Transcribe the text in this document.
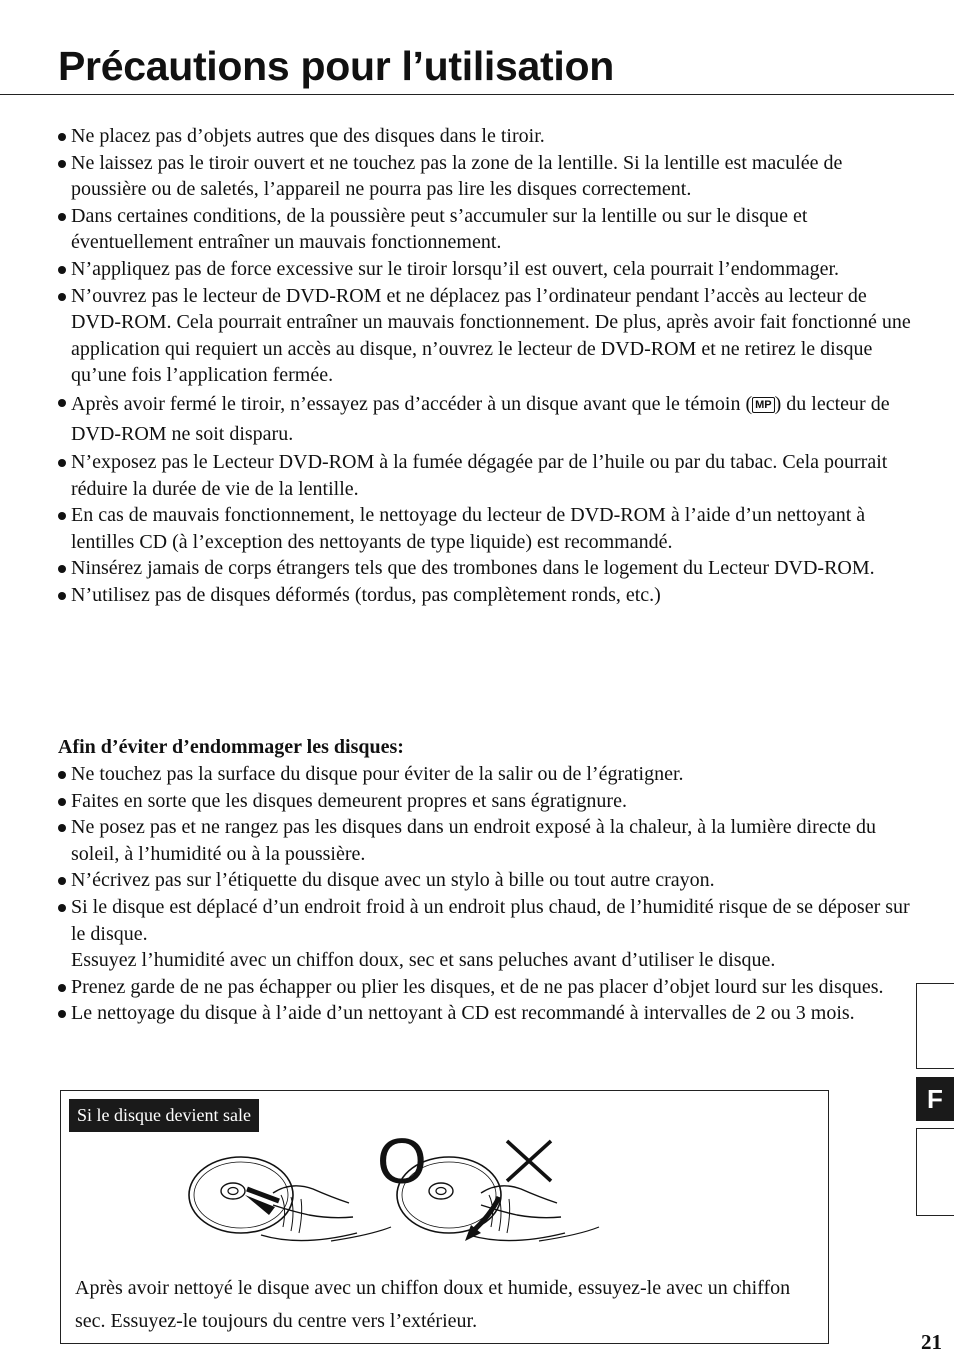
Précautions pour l’utilisation
Ne placez pas d’objets autres que des disques dans le tiroir.
Ne laissez pas le tiroir ouvert et ne touchez pas la zone de la lentille. Si la lentille est maculée de poussière ou de saletés, l’appareil ne pourra pas lire les disques correctement.
Dans certaines conditions, de la poussière peut s’accumuler sur la lentille ou sur le disque et éventuellement entraîner un mauvais fonctionnement.
N’appliquez pas de force excessive sur le tiroir lorsqu’il est ouvert, cela pourrait l’endommager.
N’ouvrez pas le lecteur de DVD-ROM et ne déplacez pas l’ordinateur pendant l’accès au lecteur de DVD-ROM. Cela pourrait entraîner un mauvais fonctionnement. De plus, après avoir fait fonctionné une application qui requiert un accès au disque, n’ouvrez le lecteur de DVD-ROM et ne retirez le disque qu’une fois l’application fermée.
Après avoir fermé le tiroir, n’essayez pas d’accéder à un disque avant que le témoin ( MP ) du lecteur de DVD-ROM ne soit disparu.
N’exposez pas le Lecteur DVD-ROM à la fumée dégagée par de l’huile ou par du tabac. Cela pourrait réduire la durée de vie de la lentille.
En cas de mauvais fonctionnement, le nettoyage du lecteur de DVD-ROM à l’aide d’un nettoyant à lentilles CD (à l’exception des nettoyants de type liquide) est recommandé.
Ninsérez jamais de corps étrangers tels que des trombones dans le logement du Lecteur DVD-ROM.
N’utilisez pas de disques déformés (tordus, pas complètement ronds, etc.)
Afin d’éviter d’endommager les disques:
Ne touchez pas la surface du disque pour éviter de la salir ou de l’égratigner.
Faites en sorte que les disques demeurent propres et sans égratignure.
Ne posez pas et ne rangez pas les disques dans un endroit exposé à la chaleur, à la lumière directe du soleil, à l’humidité ou à la poussière.
N’écrivez pas sur l’étiquette du disque avec un stylo à bille ou tout autre crayon.
Si le disque est déplacé d’un endroit froid à un endroit plus chaud, de l’humidité risque de se déposer sur le disque.
Essuyez l’humidité avec un chiffon doux, sec et sans peluches avant d’utiliser le disque.
Prenez garde de ne pas échapper ou plier les disques, et de ne pas placer d’objet lourd sur les disques.
Le nettoyage du disque à l’aide d’un nettoyant à CD est recommandé à intervalles de 2 ou 3 mois.
F
Si le disque devient sale
O
X

Après avoir nettoyé le disque avec un chiffon doux et humide, essuyez-le avec un chiffon sec. Essuyez-le toujours du centre vers l’extérieur.

21
